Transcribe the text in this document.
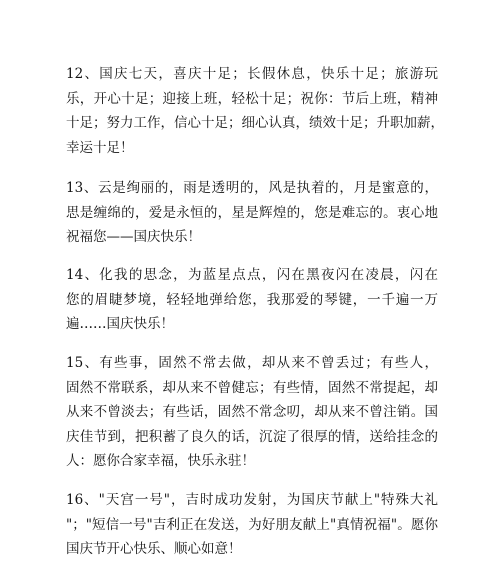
12、国庆七天，喜庆十足；长假休息，快乐十足；旅游玩
乐，开心十足；迎接上班，轻松十足；祝你：节后上班，精神
十足；努力工作，信心十足；细心认真，绩效十足；升职加薪，
幸运十足！

13、云是绚丽的，雨是透明的，风是执着的，月是蜜意的，
思是缠绵的，爱是永恒的，星是辉煌的，您是难忘的。衷心地
祝福您——国庆快乐！

14、化我的思念，为蓝星点点，闪在黑夜闪在凌晨，闪在
您的眉睫梦境，轻轻地弹给您，我那爱的琴键，一千遍一万
遍……国庆快乐！

15、有些事，固然不常去做，却从来不曾丢过；有些人，
固然不常联系，却从来不曾健忘；有些情，固然不常提起，却
从来不曾淡去；有些话，固然不常念叨，却从来不曾注销。国
庆佳节到，把积蓄了良久的话，沉淀了很厚的情，送给挂念的
人：愿你合家幸福，快乐永驻！

16、"天宫一号"，吉时成功发射，为国庆节献上"特殊大礼
"；"短信一号"吉利正在发送，为好朋友献上"真情祝福"。愿你
国庆节开心快乐、顺心如意！
